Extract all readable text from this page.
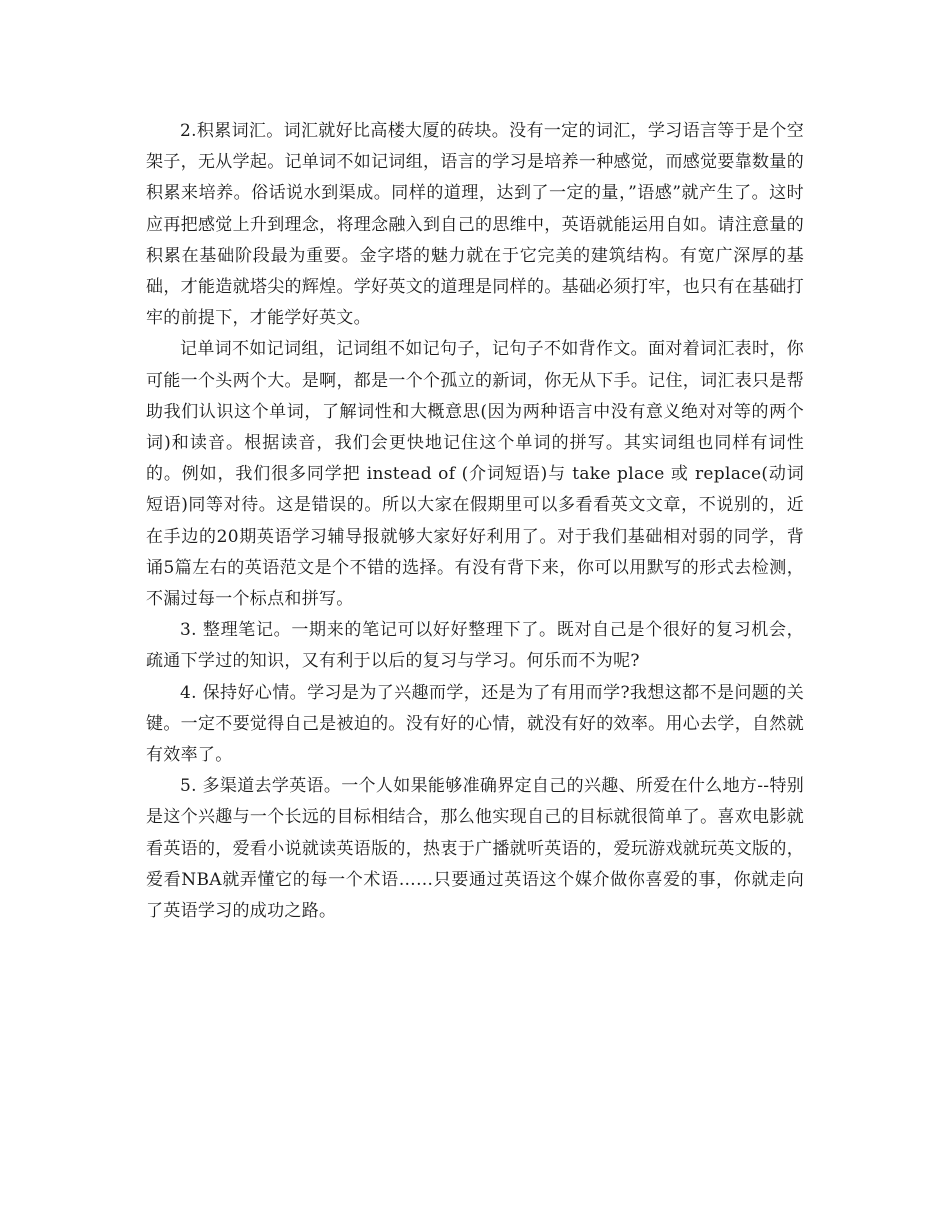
2.积累词汇。词汇就好比高楼大厦的砖块。没有一定的词汇，学习语言等于是个空架子，无从学起。记单词不如记词组，语言的学习是培养一种感觉，而感觉要靠数量的积累来培养。俗话说水到渠成。同样的道理，达到了一定的量，”语感”就产生了。这时应再把感觉上升到理念，将理念融入到自己的思维中，英语就能运用自如。请注意量的积累在基础阶段最为重要。金字塔的魅力就在于它完美的建筑结构。有宽广深厚的基础，才能造就塔尖的辉煌。学好英文的道理是同样的。基础必须打牢，也只有在基础打牢的前提下，才能学好英文。

记单词不如记词组，记词组不如记句子，记句子不如背作文。面对着词汇表时，你可能一个头两个大。是啊，都是一个个孤立的新词，你无从下手。记住，词汇表只是帮助我们认识这个单词，了解词性和大概意思(因为两种语言中没有意义绝对对等的两个词)和读音。根据读音，我们会更快地记住这个单词的拼写。其实词组也同样有词性的。例如，我们很多同学把 instead of (介词短语)与 take place 或 replace(动词短语)同等对待。这是错误的。所以大家在假期里可以多看看英文文章，不说别的，近在手边的20期英语学习辅导报就够大家好好利用了。对于我们基础相对弱的同学，背诵5篇左右的英语范文是个不错的选择。有没有背下来，你可以用默写的形式去检测，不漏过每一个标点和拼写。

3. 整理笔记。一期来的笔记可以好好整理下了。既对自己是个很好的复习机会，疏通下学过的知识，又有利于以后的复习与学习。何乐而不为呢?

4. 保持好心情。学习是为了兴趣而学，还是为了有用而学?我想这都不是问题的关键。一定不要觉得自己是被迫的。没有好的心情，就没有好的效率。用心去学，自然就有效率了。

5. 多渠道去学英语。一个人如果能够准确界定自己的兴趣、所爱在什么地方--特别是这个兴趣与一个长远的目标相结合，那么他实现自己的目标就很简单了。喜欢电影就看英语的，爱看小说就读英语版的，热衷于广播就听英语的，爱玩游戏就玩英文版的，爱看NBA就弄懂它的每一个术语……只要通过英语这个媒介做你喜爱的事，你就走向了英语学习的成功之路。
